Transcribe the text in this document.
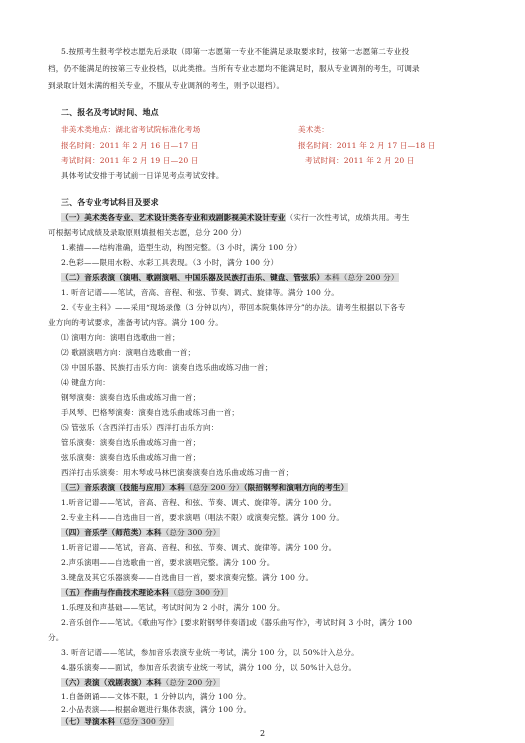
5.按照考生报考学校志愿先后录取（即第一志愿第一专业不能满足录取要求时，按第一志愿第二专业投
档，仍不能满足的按第三专业投档，以此类推。当所有专业志愿均不能满足时，服从专业调剂的考生，可调录
到录取计划未满的相关专业，不服从专业调剂的考生，则予以退档）。
二、报名及考试时间、地点
非美术类地点：湖北省考试院标准化考场	美术类：
报名时间：2011 年 2 月 16 日—17 日	报名时间：2011 年 2 月 17 日—18 日
考试时间：2011 年 2 月 19 日—20 日	考试时间：2011 年 2 月 20 日
具体考试安排于考试前一日详见考点考试安排。
三、各专业考试科目及要求
（一）美术类各专业、艺术设计类各专业和戏剧影视美术设计专业（实行一次性考试，成绩共用。考生
可根据考试成绩及录取原则填报相关志愿，总分 200 分）
1.素描——结构准确，造型生动，构图完整。（3 小时，满分 100 分）
2.色彩——限用水粉、水彩工具表现。（3 小时，满分 100 分）
（二）音乐表演（演唱、歌剧演唱、中国乐器及民族打击乐、键盘、管弦乐）本科（总分 200 分）
1. 听音记谱——笔试，音高、音程、和弦、节奏、调式、旋律等。满分 100 分。
2.《专业主科》——采用“现场录像（3 分钟以内），带回本院集体评分”的办法。请考生根据以下各专
业方向的考试要求，准备考试内容。满分 100 分。
⑴ 演唱方向：演唱自选歌曲一首；
⑵ 歌剧演唱方向：演唱自选歌曲一首；
⑶ 中国乐器、民族打击乐方向：演奏自选乐曲或练习曲一首；
⑷ 键盘方向：
钢琴演奏：演奏自选乐曲或练习曲一首；
手风琴、巴格琴演奏：演奏自选乐曲或练习曲一首；
⑸ 管弦乐（含西洋打击乐）西洋打击乐方向：
管乐演奏：演奏自选乐曲或练习曲一首；
弦乐演奏：演奏自选乐曲或练习曲一首；
西洋打击乐演奏：用木琴或马林巴演奏演奏自选乐曲或练习曲一首；
（三）音乐表演（技能与应用）本科（总分 200 分）（限招钢琴和演唱方向的考生）
1.听音记谱——笔试，音高、音程、和弦、节奏、调式、旋律等。满分 100 分。
2.专业主科——自选曲目一首，要求演唱（唱法不限）或演奏完整。满分 100 分。
（四）音乐学（师范类）本科（总分 300 分）
1.听音记谱——笔试，音高、音程、和弦、节奏、调式、旋律等。满分 100 分。
2.声乐演唱——自选歌曲一首，要求演唱完整。满分 100 分。
3.键盘及其它乐器演奏——自选曲目一首，要求演奏完整。满分 100 分。
（五）作曲与作曲技术理论本科（总分 300 分）
1.乐理及和声基础——笔试，考试时间为 2 小时，满分 100 分。
2.音乐创作——笔试。《歌曲写作》[要求附钢琴伴奏谱]或《器乐曲写作》，考试时间 3 小时，满分 100
分。
3. 听音记谱——笔试，参加音乐表演专业统一考试，满分 100 分，以 50%计入总分。
4.器乐演奏——面试，参加音乐表演专业统一考试，满分 100 分，以 50%计入总分。
（六）表演（戏剧表演）本科（总分 200 分）
1.自备朗诵——文体不限，1 分钟以内，满分 100 分。
2.小品表演——根据命题进行集体表演，满分 100 分。
（七）导演本科（总分 300 分）
2
